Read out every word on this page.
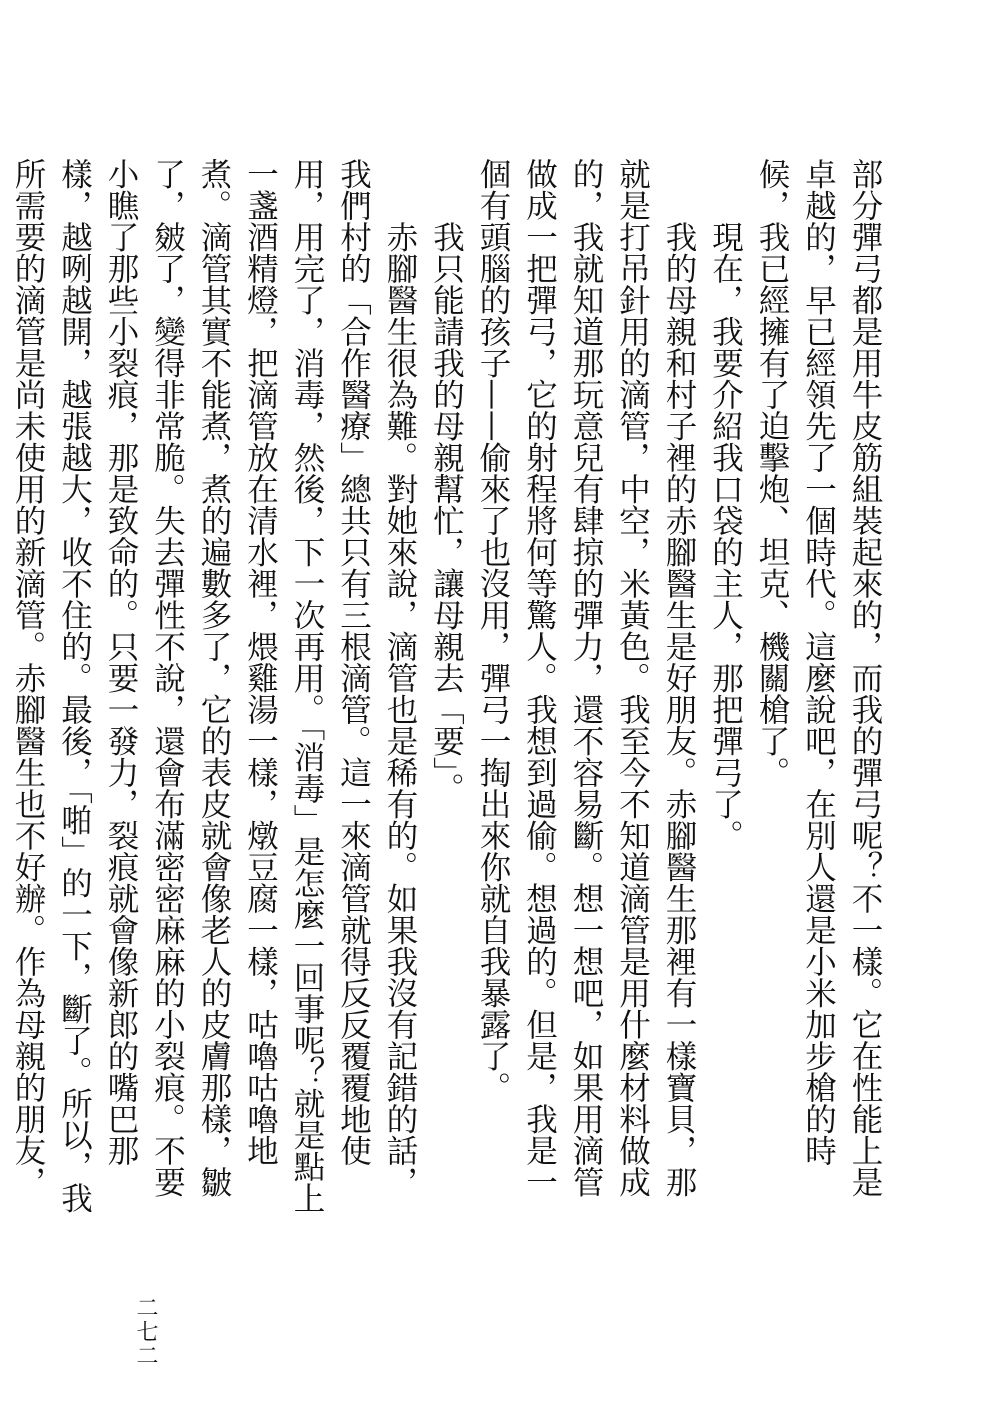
部分彈弓都是用牛皮筋組裝起來的，而我的彈弓呢？不一樣。它在性能上是卓越的，早已經領先了一個時代。這麼說吧，在別人還是小米加步槍的時候，我已經擁有了迫擊炮、坦克、機關槍了。

現在，我要介紹我口袋的主人，那把彈弓了。

我的母親和村子裡的赤腳醫生是好朋友。赤腳醫生那裡有一樣寶貝，那就是打吊針用的滴管，中空，米黃色。我至今不知道滴管是用什麼材料做成的，我就知道那玩意兒有肆掠的彈力，還不容易斷。想一想吧，如果用滴管做成一把彈弓，它的射程將何等驚人。我想到過偷。想過的。但是，我是一個有頭腦的孩子——偷來了也沒用，彈弓一掏出來你就自我暴露了。

我只能請我的母親幫忙，讓母親去「要」。

赤腳醫生很為難。對她來說，滴管也是稀有的。如果我沒有記錯的話，我們村的「合作醫療」總共只有三根滴管。這一來滴管就得反反覆覆地使用，用完了，消毒，然後，下一次再用。「消毒」是怎麼一回事呢？就是點上一盞酒精燈，把滴管放在清水裡，煨雞湯一樣，燉豆腐一樣，咕嚕咕嚕地煮。滴管其實不能煮，煮的遍數多了，它的表皮就會像老人的皮膚那樣，皺了，皴了，變得非常脆。失去彈性不說，還會布滿密密麻麻的小裂痕。不要小瞧了那些小裂痕，那是致命的。只要一發力，裂痕就會像新郎的嘴巴那樣，越咧越開，越張越大，收不住的。最後，「啪」的一下，斷了。所以，我所需要的滴管是尚未使用的新滴管。赤腳醫生也不好辦。作為母親的朋友，

二七二
